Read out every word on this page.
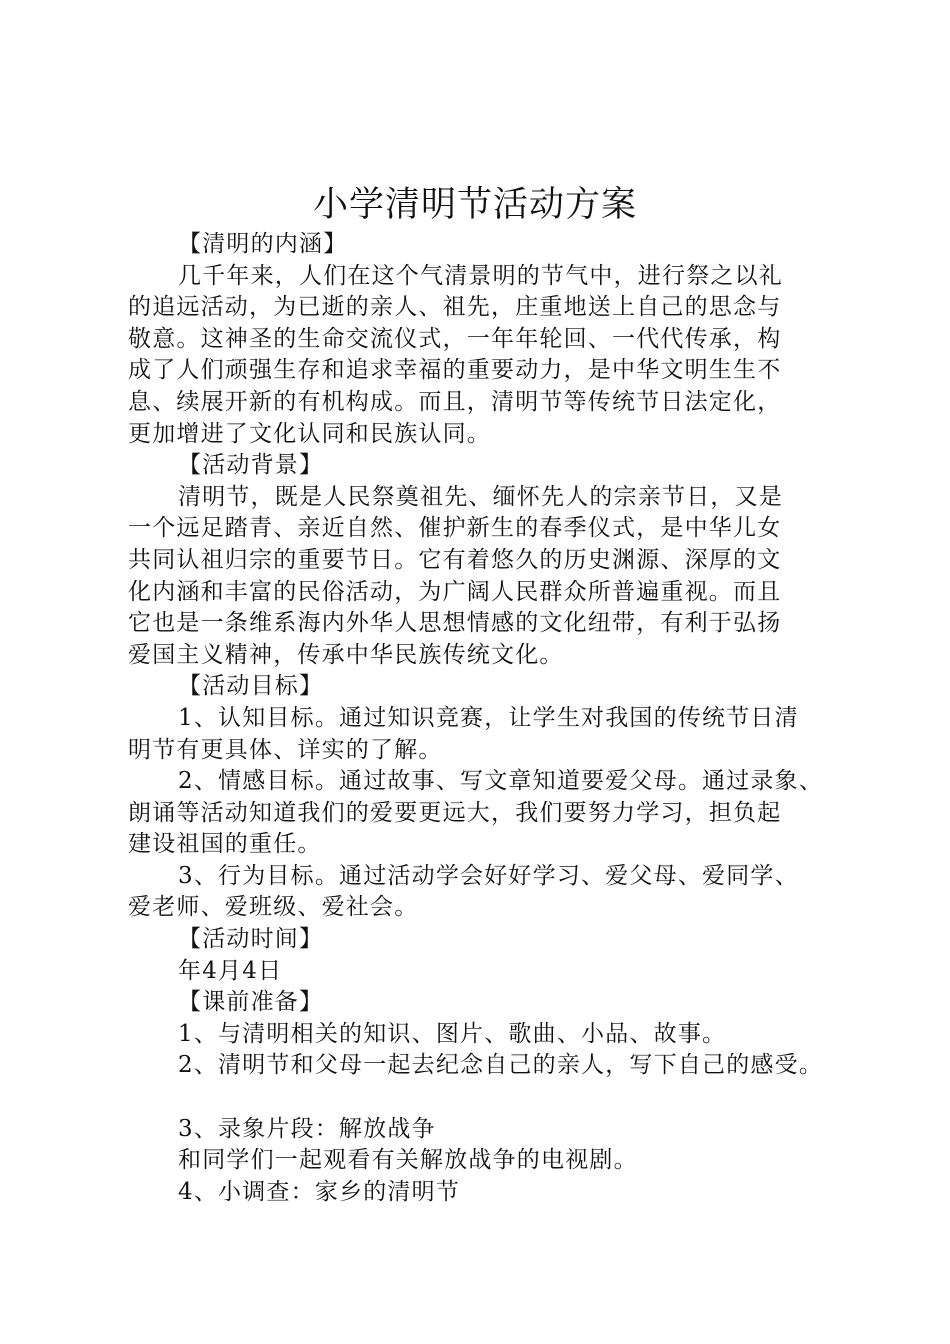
小学清明节活动方案

【清明的内涵】

几千年来，人们在这个气清景明的节气中，进行祭之以礼

的追远活动，为已逝的亲人、祖先，庄重地送上自己的思念与

敬意。这神圣的生命交流仪式，一年年轮回、一代代传承，构

成了人们顽强生存和追求幸福的重要动力，是中华文明生生不

息、续展开新的有机构成。而且，清明节等传统节日法定化，

更加增进了文化认同和民族认同。

【活动背景】

清明节，既是人民祭奠祖先、缅怀先人的宗亲节日，又是

一个远足踏青、亲近自然、催护新生的春季仪式，是中华儿女

共同认祖归宗的重要节日。它有着悠久的历史渊源、深厚的文

化内涵和丰富的民俗活动，为广阔人民群众所普遍重视。而且

它也是一条维系海内外华人思想情感的文化纽带，有利于弘扬

爱国主义精神，传承中华民族传统文化。

【活动目标】

1、认知目标。通过知识竞赛，让学生对我国的传统节日清

明节有更具体、详实的了解。

2、情感目标。通过故事、写文章知道要爱父母。通过录象、

朗诵等活动知道我们的爱要更远大，我们要努力学习，担负起

建设祖国的重任。

3、行为目标。通过活动学会好好学习、爱父母、爱同学、

爱老师、爱班级、爱社会。

【活动时间】

年4月4日

【课前准备】

1、与清明相关的知识、图片、歌曲、小品、故事。

2、清明节和父母一起去纪念自己的亲人，写下自己的感受。

3、录象片段：解放战争

和同学们一起观看有关解放战争的电视剧。

4、小调查：家乡的清明节
